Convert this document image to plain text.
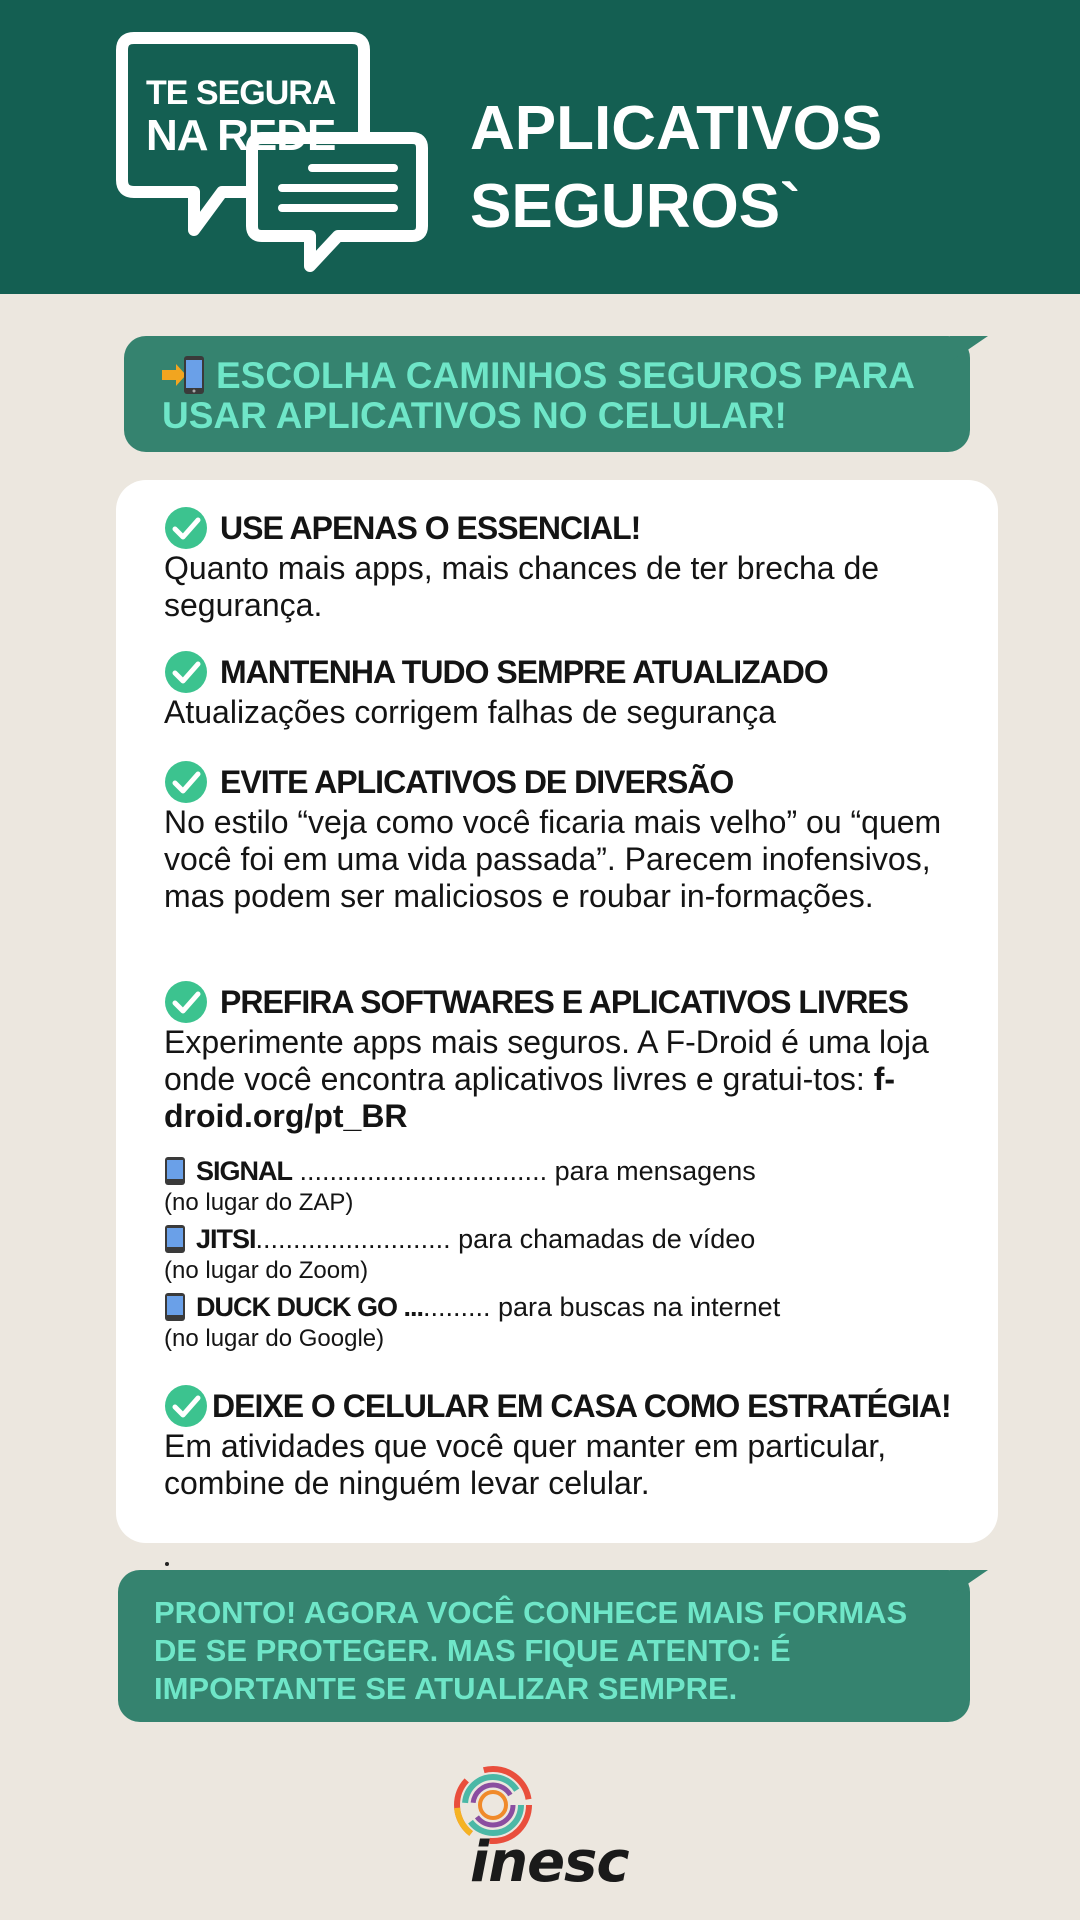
TE SEGURA
NA REDE APLICATIVOS
SEGUROS`
ESCOLHA CAMINHOS SEGUROS PARA USAR APLICATIVOS NO CELULAR!
USE APENAS O ESSENCIAL!
Quanto mais apps, mais chances de ter brecha de segurança.
MANTENHA TUDO SEMPRE ATUALIZADO
Atualizações corrigem falhas de segurança
EVITE APLICATIVOS DE DIVERSÃO
No estilo “veja como você ficaria mais velho” ou “quem você foi em uma vida passada”. Parecem inofensivos, mas podem ser maliciosos e roubar in-formações.
PREFIRA SOFTWARES E APLICATIVOS LIVRES
Experimente apps mais seguros. A F-Droid é uma loja onde você encontra aplicativos livres e gratui-tos: f-droid.org/pt_BR
SIGNAL ................................. para mensagens
(no lugar do ZAP)
JITSI.......................... para chamadas de vídeo
(no lugar do Zoom)
DUCK DUCK GO ............ para buscas na internet
(no lugar do Google)
DEIXE O CELULAR EM CASA COMO ESTRATÉGIA!
Em atividades que você quer manter em particular, combine de ninguém levar celular.
PRONTO! AGORA VOCÊ CONHECE MAIS FORMAS DE SE PROTEGER. MAS FIQUE ATENTO: É IMPORTANTE SE ATUALIZAR SEMPRE.
inesc
